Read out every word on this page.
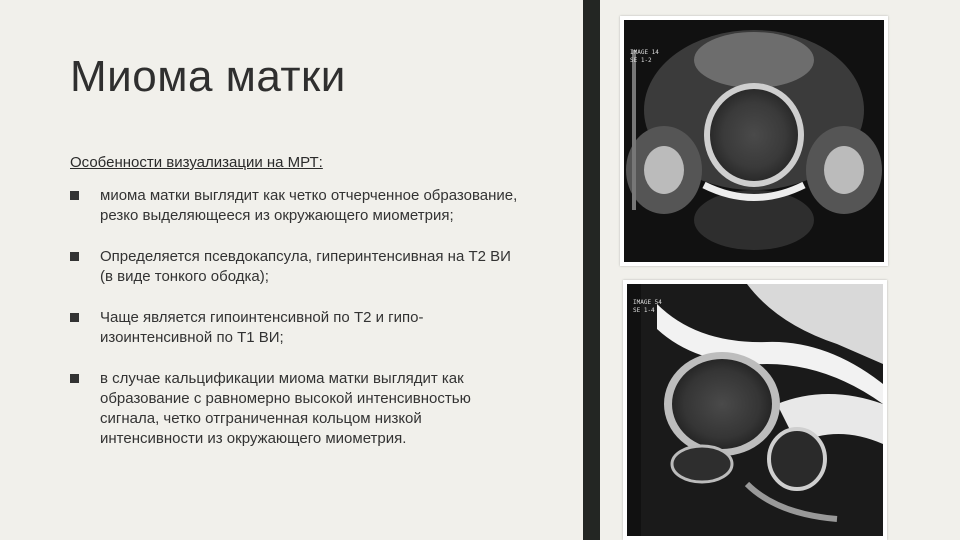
Миома матки
Особенности визуализации на МРТ:
миома матки выглядит как четко отчерченное образование, резко выделяющееся из окружающего миометрия;
Определяется псевдокапсула, гиперинтенсивная на Т2 ВИ (в виде тонкого ободка);
Чаще является гипоинтенсивной по Т2 и гипо-изоинтенсивной по Т1 ВИ;
в случае кальцификации миома матки выглядит как образование с равномерно высокой интенсивностью сигнала, четко отграниченная кольцом низкой интенсивности из окружающего миометрия.
IMAGE 14
SE 1-2
IMAGE 54
SE 1-4
